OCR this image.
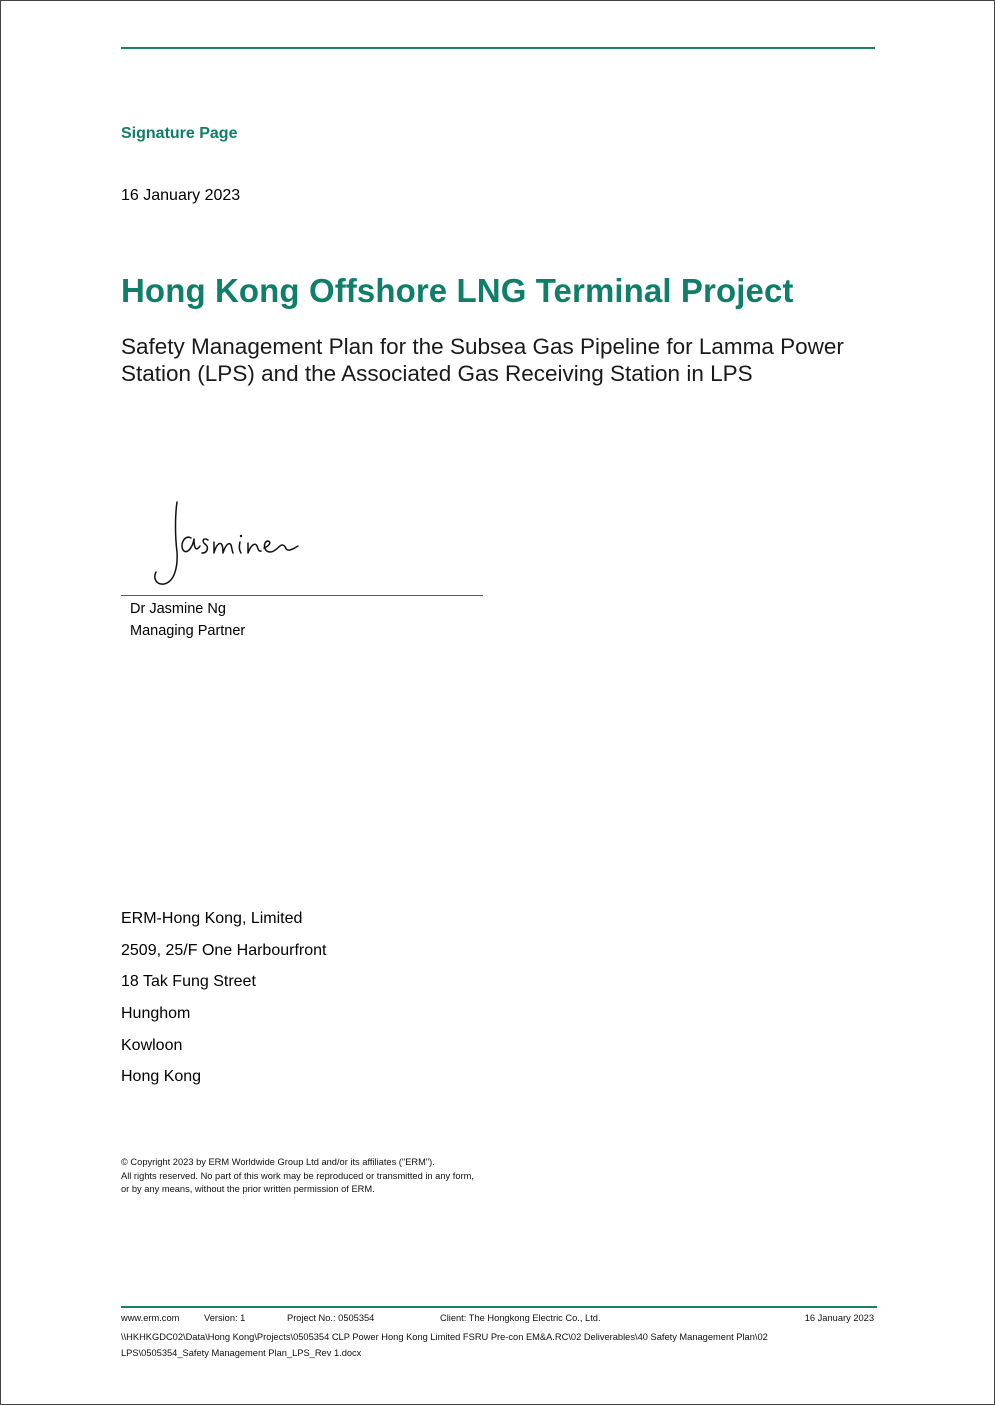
Signature Page
16 January 2023
Hong Kong Offshore LNG Terminal Project
Safety Management Plan for the Subsea Gas Pipeline for Lamma Power Station (LPS) and the Associated Gas Receiving Station in LPS
Dr Jasmine Ng
Managing Partner
ERM-Hong Kong, Limited
2509, 25/F One Harbourfront
18 Tak Fung Street
Hunghom
Kowloon
Hong Kong
© Copyright 2023 by ERM Worldwide Group Ltd and/or its affiliates ("ERM").
All rights reserved. No part of this work may be reproduced or transmitted in any form,
or by any means, without the prior written permission of ERM.
www.erm.com	Version: 1	Project No.: 0505354	Client: The Hongkong Electric Co., Ltd.	16 January 2023
\\HKHKGDC02\Data\Hong Kong\Projects\0505354 CLP Power Hong Kong Limited FSRU Pre-con EM&A.RC\02 Deliverables\40 Safety Management Plan\02 LPS\0505354_Safety Management Plan_LPS_Rev 1.docx
